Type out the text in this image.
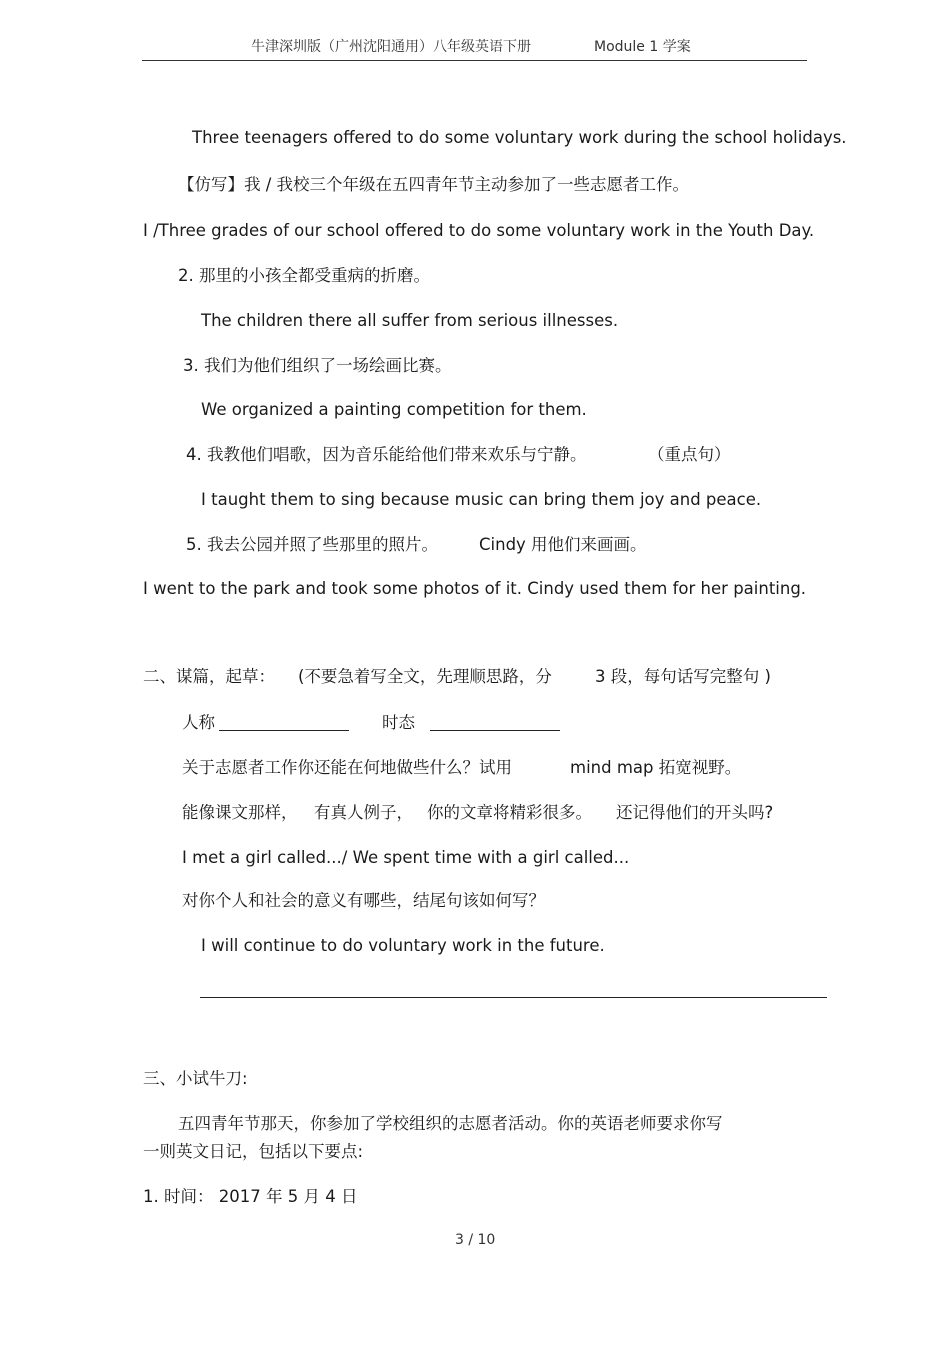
牛津深圳版（广州沈阳通用）八年级英语下册	Module 1 学案
Three teenagers offered to do some voluntary work during the school holidays.
【仿写】我 / 我校三个年级在五四青年节主动参加了一些志愿者工作。
I /Three grades of our school offered to do some voluntary work in the Youth Day.
2. 那里的小孩全都受重病的折磨。
The children there all suffer from serious illnesses.
3. 我们为他们组织了一场绘画比赛。
We organized a painting competition for them.
4. 我教他们唱歌，因为音乐能给他们带来欢乐与宁静。	（重点句）
I taught them to sing because music can bring them joy and peace.
5. 我去公园并照了些那里的照片。 Cindy 用他们来画画。
I went to the park and took some photos of it. Cindy used them for her painting.
二、谋篇，起草： (不要急着写全文，先理顺思路，分	3 段，每句话写完整句 )
人称	时态
关于志愿者工作你还能在何地做些什么？试用	mind map 拓宽视野。
能像课文那样， 有真人例子， 你的文章将精彩很多。 还记得他们的开头吗?
I met a girl called.../ We spent time with a girl called...
对你个人和社会的意义有哪些，结尾句该如何写？
I will continue to do voluntary work in the future.
三、小试牛刀:
五四青年节那天，你参加了学校组织的志愿者活动。你的英语老师要求你写
一则英文日记，包括以下要点:
1. 时间： 2017 年 5 月 4 日
3 / 10
